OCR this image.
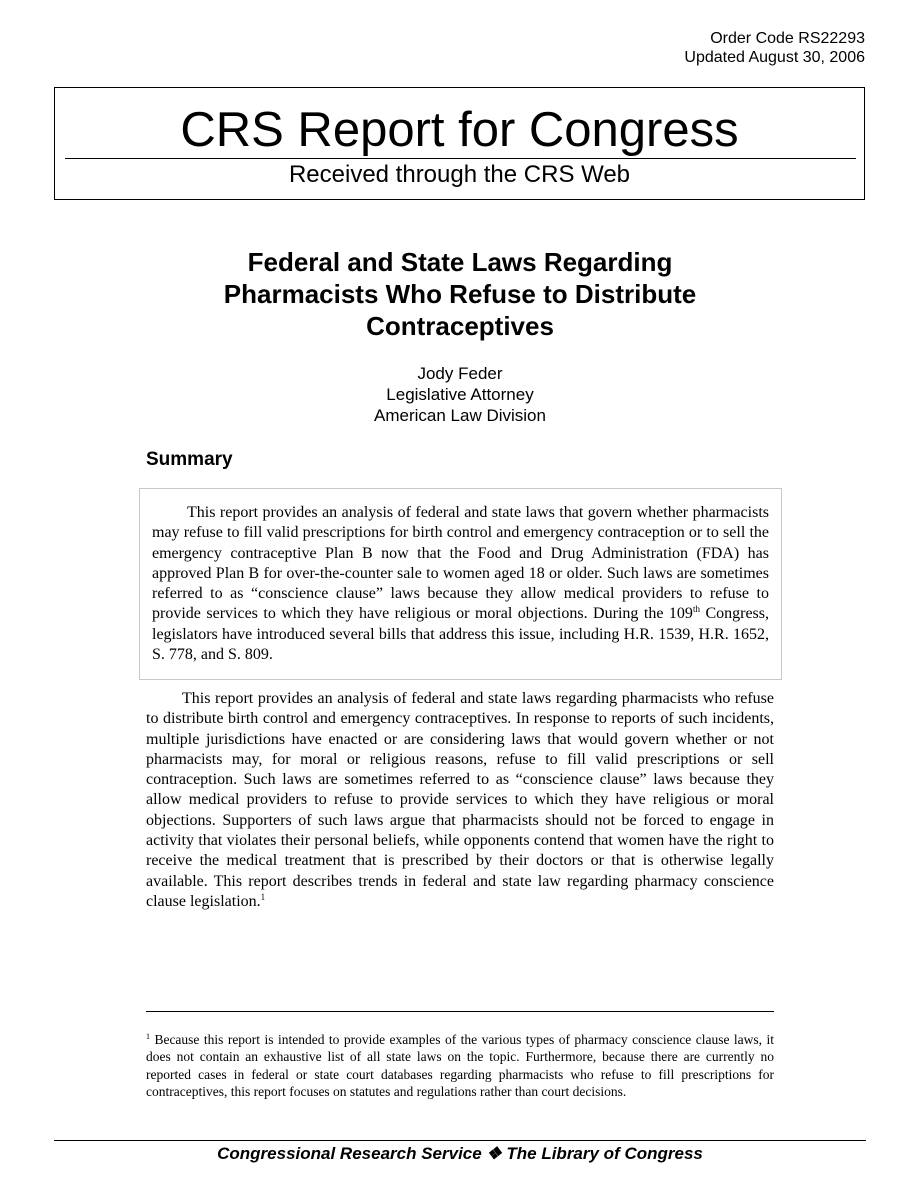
Order Code RS22293
Updated August 30, 2006
CRS Report for Congress
Received through the CRS Web
Federal and State Laws Regarding
Pharmacists Who Refuse to Distribute
Contraceptives
Jody Feder
Legislative Attorney
American Law Division
Summary

This report provides an analysis of federal and state laws that govern whether pharmacists may refuse to fill valid prescriptions for birth control and emergency contraception or to sell the emergency contraceptive Plan B now that the Food and Drug Administration (FDA) has approved Plan B for over-the-counter sale to women aged 18 or older. Such laws are sometimes referred to as “conscience clause” laws because they allow medical providers to refuse to provide services to which they have religious or moral objections. During the 109th Congress, legislators have introduced several bills that address this issue, including H.R. 1539, H.R. 1652, S. 778, and S. 809.

This report provides an analysis of federal and state laws regarding pharmacists who refuse to distribute birth control and emergency contraceptives. In response to reports of such incidents, multiple jurisdictions have enacted or are considering laws that would govern whether or not pharmacists may, for moral or religious reasons, refuse to fill valid prescriptions or sell contraception. Such laws are sometimes referred to as “conscience clause” laws because they allow medical providers to refuse to provide services to which they have religious or moral objections. Supporters of such laws argue that pharmacists should not be forced to engage in activity that violates their personal beliefs, while opponents contend that women have the right to receive the medical treatment that is prescribed by their doctors or that is otherwise legally available. This report describes trends in federal and state law regarding pharmacy conscience clause legislation.$^1$

$^1$ Because this report is intended to provide examples of the various types of pharmacy conscience clause laws, it does not contain an exhaustive list of all state laws on the topic. Furthermore, because there are currently no reported cases in federal or state court databases regarding pharmacists who refuse to fill prescriptions for contraceptives, this report focuses on statutes and regulations rather than court decisions.

Congressional Research Service ❖ The Library of Congress
